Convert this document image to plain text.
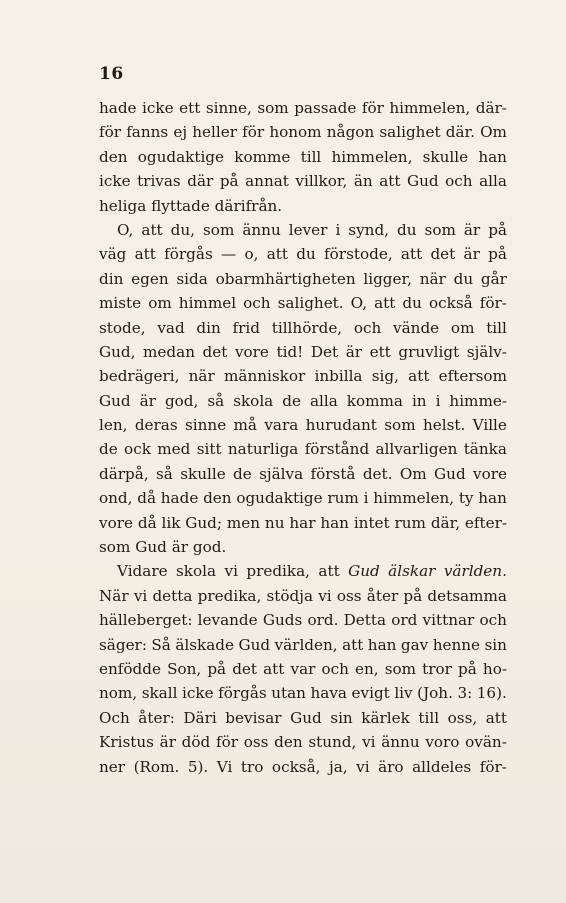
16
hade icke ett sinne, som passade för himmelen, där-
för fanns ej heller för honom någon salighet där. Om
den ogudaktige komme till himmelen, skulle han
icke trivas där på annat villkor, än att Gud och alla
heliga flyttade därifrån.
O, att du, som ännu lever i synd, du som är på
väg att förgås — o, att du förstode, att det är på
din egen sida obarmhärtigheten ligger, när du går
miste om himmel och salighet. O, att du också för-
stode, vad din frid tillhörde, och vände om till
Gud, medan det vore tid! Det är ett gruvligt själv-
bedrägeri, när människor inbilla sig, att eftersom
Gud är god, så skola de alla komma in i himme-
len, deras sinne må vara hurudant som helst. Ville
de ock med sitt naturliga förstånd allvarligen tänka
därpå, så skulle de själva förstå det. Om Gud vore
ond, då hade den ogudaktige rum i himmelen, ty han
vore då lik Gud; men nu har han intet rum där, efter-
som Gud är god.
Vidare skola vi predika, att Gud älskar världen.
När vi detta predika, stödja vi oss åter på detsamma
hälleberget: levande Guds ord. Detta ord vittnar och
säger: Så älskade Gud världen, att han gav henne sin
enfödde Son, på det att var och en, som tror på ho-
nom, skall icke förgås utan hava evigt liv (Joh. 3: 16).
Och åter: Däri bevisar Gud sin kärlek till oss, att
Kristus är död för oss den stund, vi ännu voro ovän-
ner (Rom. 5). Vi tro också, ja, vi äro alldeles för-
